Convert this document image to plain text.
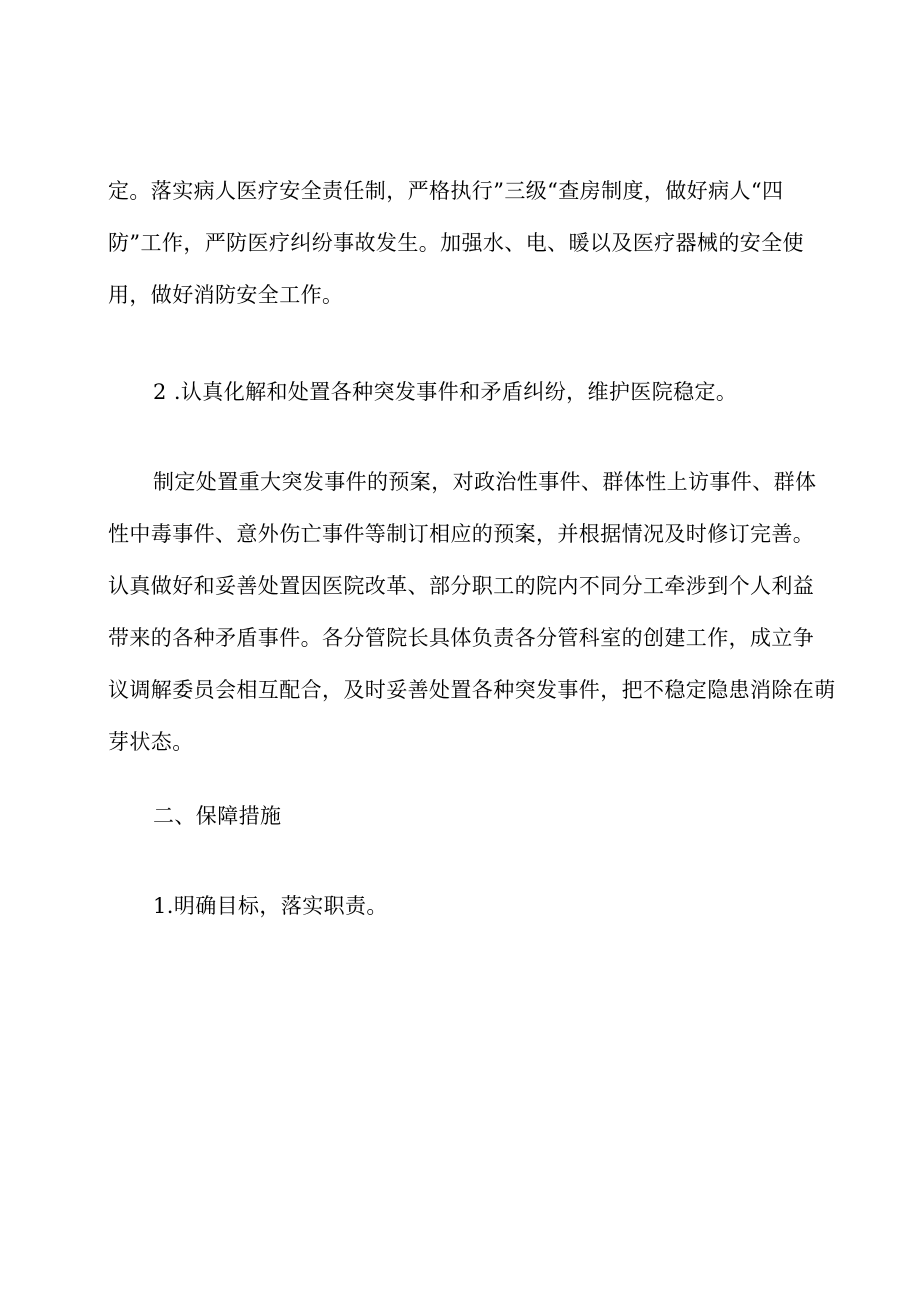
定。落实病人医疗安全责任制，严格执行”三级“查房制度，做好病人“四
防”工作，严防医疗纠纷事故发生。加强水、电、暖以及医疗器械的安全使
用，做好消防安全工作。
2 .认真化解和处置各种突发事件和矛盾纠纷，维护医院稳定。
制定处置重大突发事件的预案，对政治性事件、群体性上访事件、群体
性中毒事件、意外伤亡事件等制订相应的预案，并根据情况及时修订完善。
认真做好和妥善处置因医院改革、部分职工的院内不同分工牵涉到个人利益
带来的各种矛盾事件。各分管院长具体负责各分管科室的创建工作，成立争
议调解委员会相互配合，及时妥善处置各种突发事件，把不稳定隐患消除在萌
芽状态。
二、保障措施
1.明确目标，落实职责。
